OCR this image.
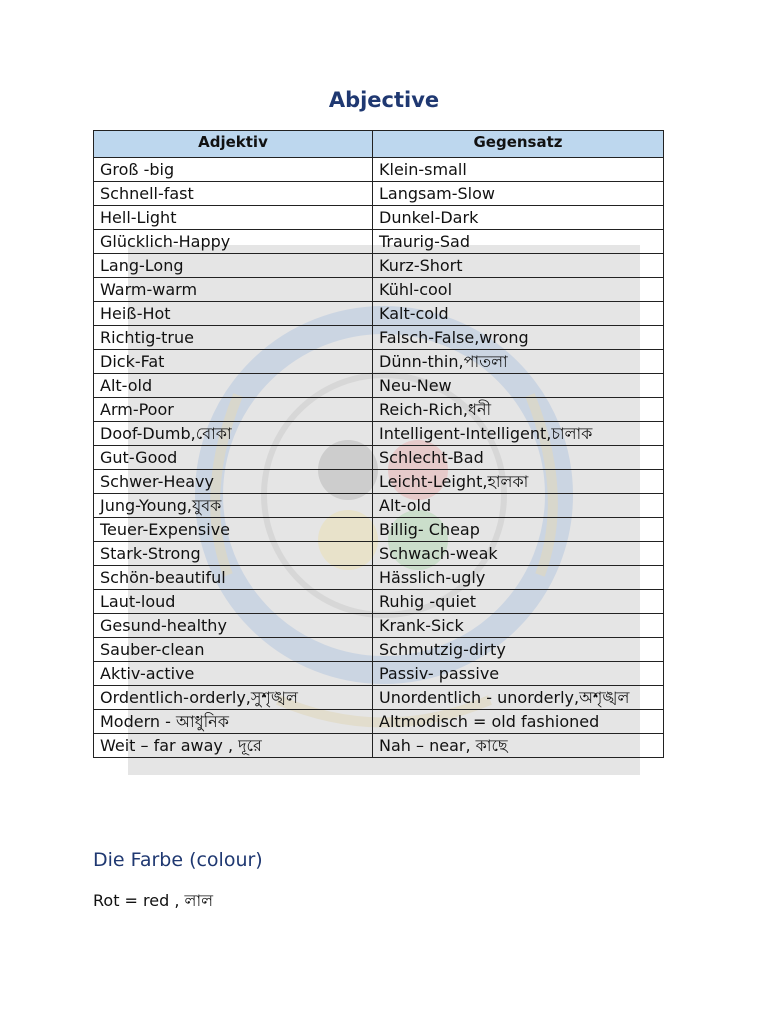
Abjective
Adjektiv	Gegensatz
Groß -big	Klein-small
Schnell-fast	Langsam-Slow
Hell-Light	Dunkel-Dark
Glücklich-Happy	Traurig-Sad
Lang-Long	Kurz-Short
Warm-warm	Kühl-cool
Heiß-Hot	Kalt-cold
Richtig-true	Falsch-False,wrong
Dick-Fat	Dünn-thin,পাতলা
Alt-old	Neu-New
Arm-Poor	Reich-Rich,ধনী
Doof-Dumb,বোকা	Intelligent-Intelligent,চালাক
Gut-Good	Schlecht-Bad
Schwer-Heavy	Leicht-Leight,হালকা
Jung-Young,যুবক	Alt-old
Teuer-Expensive	Billig- Cheap
Stark-Strong	Schwach-weak
Schön-beautiful	Hässlich-ugly
Laut-loud	Ruhig -quiet
Gesund-healthy	Krank-Sick
Sauber-clean	Schmutzig-dirty
Aktiv-active	Passiv- passive
Ordentlich-orderly,সুশৃঙ্খল	Unordentlich - unorderly,অশৃঙ্খল
Modern - আধুনিক	Altmodisch = old fashioned
Weit – far away , দূরে	Nah – near, কাছে
Die Farbe (colour)
Rot = red , লাল
